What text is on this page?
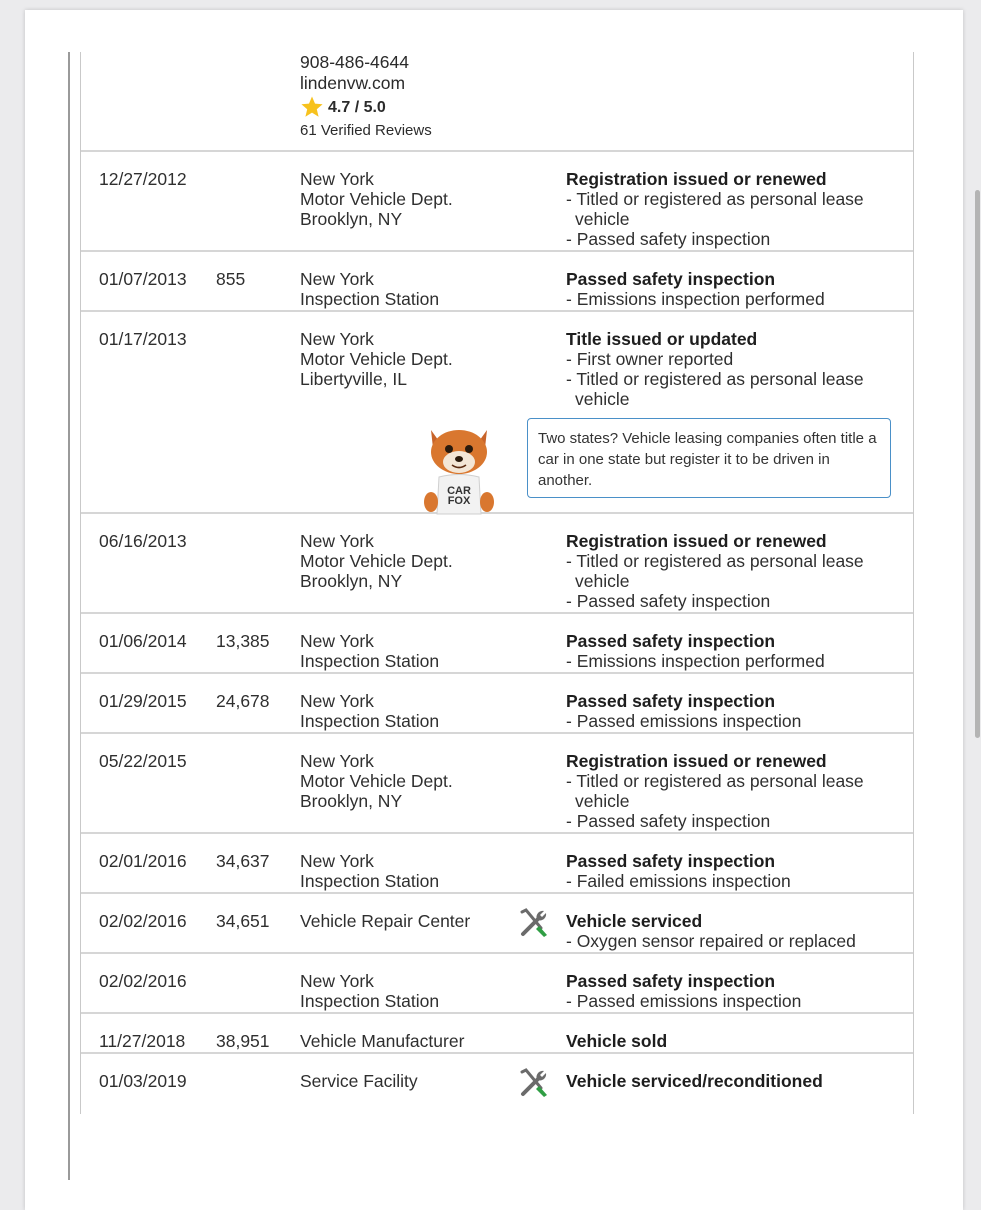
908-486-4644
lindenvw.com
4.7 / 5.0
61 Verified Reviews
12/27/2012	New York
Motor Vehicle Dept.
Brooklyn, NY
Registration issued or renewed
- Titled or registered as personal lease vehicle
- Passed safety inspection
01/07/2013 855	New York
Inspection Station
Passed safety inspection
- Emissions inspection performed
01/17/2013	New York
Motor Vehicle Dept.
Libertyville, IL
Title issued or updated
- First owner reported
- Titled or registered as personal lease vehicle
Two states? Vehicle leasing companies often title a car in one state but register it to be driven in another.
CAR FOX
06/16/2013	New York
Motor Vehicle Dept.
Brooklyn, NY
Registration issued or renewed
- Titled or registered as personal lease vehicle
- Passed safety inspection
01/06/2014 13,385 New York
Inspection Station
Passed safety inspection
- Emissions inspection performed
01/29/2015 24,678 New York
Inspection Station
Passed safety inspection
- Passed emissions inspection
05/22/2015	New York
Motor Vehicle Dept.
Brooklyn, NY
Registration issued or renewed
- Titled or registered as personal lease vehicle
- Passed safety inspection
02/01/2016 34,637 New York
Inspection Station
Passed safety inspection
- Failed emissions inspection
02/02/2016 34,651 Vehicle Repair Center	Vehicle serviced
- Oxygen sensor repaired or replaced
02/02/2016	New York
Inspection Station
Passed safety inspection
- Passed emissions inspection
11/27/2018 38,951 Vehicle Manufacturer	Vehicle sold
01/03/2019	Service Facility	Vehicle serviced/reconditioned
